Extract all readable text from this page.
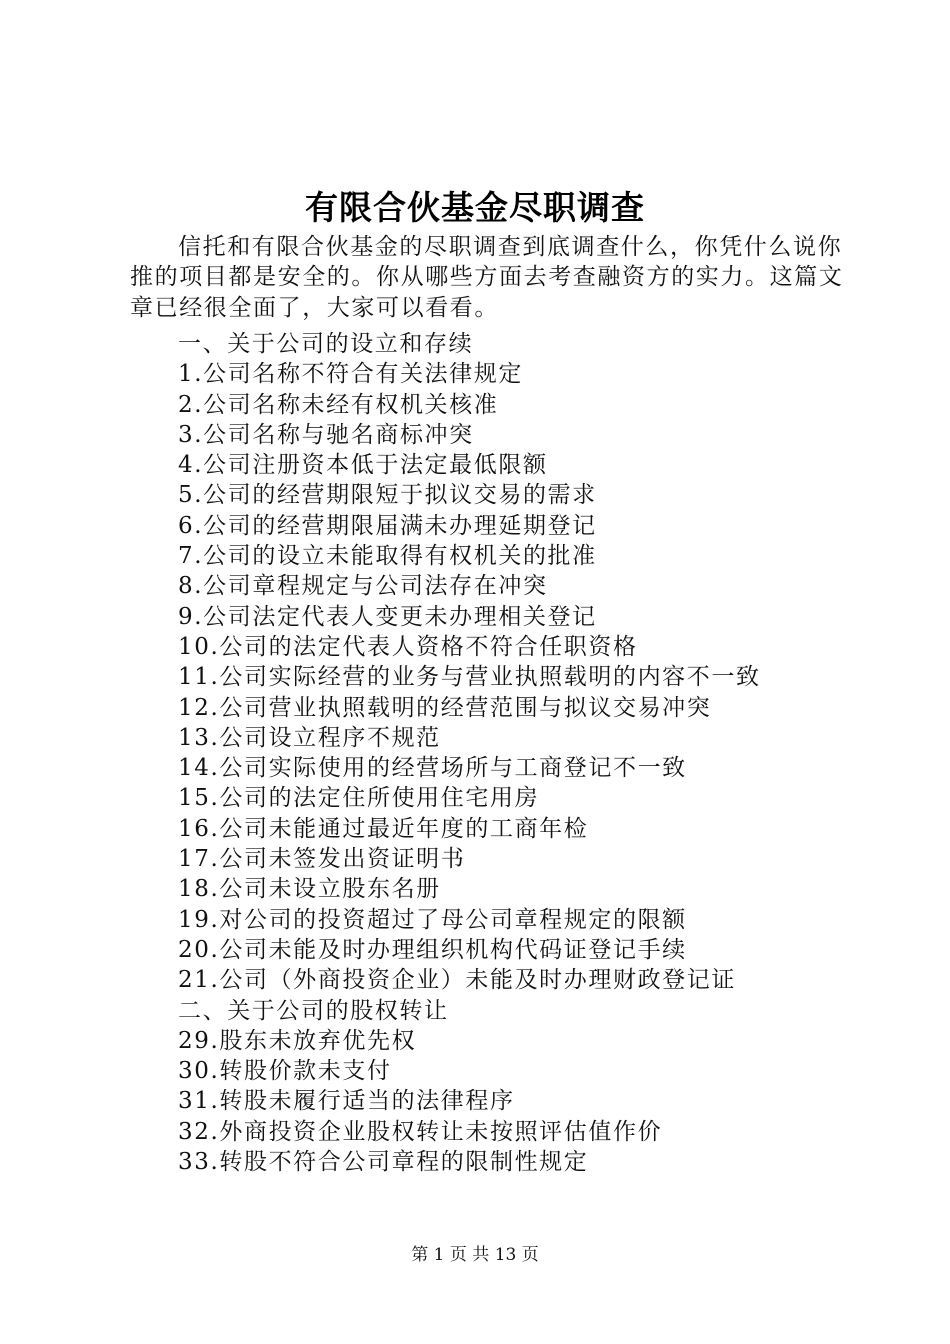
有限合伙基金尽职调查

信托和有限合伙基金的尽职调查到底调查什么，你凭什么说你推的项目都是安全的。你从哪些方面去考查融资方的实力。这篇文章已经很全面了，大家可以看看。

一、关于公司的设立和存续
1.公司名称不符合有关法律规定
2.公司名称未经有权机关核准
3.公司名称与驰名商标冲突
4.公司注册资本低于法定最低限额
5.公司的经营期限短于拟议交易的需求
6.公司的经营期限届满未办理延期登记
7.公司的设立未能取得有权机关的批准
8.公司章程规定与公司法存在冲突
9.公司法定代表人变更未办理相关登记
10.公司的法定代表人资格不符合任职资格
11.公司实际经营的业务与营业执照载明的内容不一致
12.公司营业执照载明的经营范围与拟议交易冲突
13.公司设立程序不规范
14.公司实际使用的经营场所与工商登记不一致
15.公司的法定住所使用住宅用房
16.公司未能通过最近年度的工商年检
17.公司未签发出资证明书
18.公司未设立股东名册
19.对公司的投资超过了母公司章程规定的限额
20.公司未能及时办理组织机构代码证登记手续
21.公司（外商投资企业）未能及时办理财政登记证
二、关于公司的股权转让
29.股东未放弃优先权
30.转股价款未支付
31.转股未履行适当的法律程序
32.外商投资企业股权转让未按照评估值作价
33.转股不符合公司章程的限制性规定
第 1 页 共 13 页
